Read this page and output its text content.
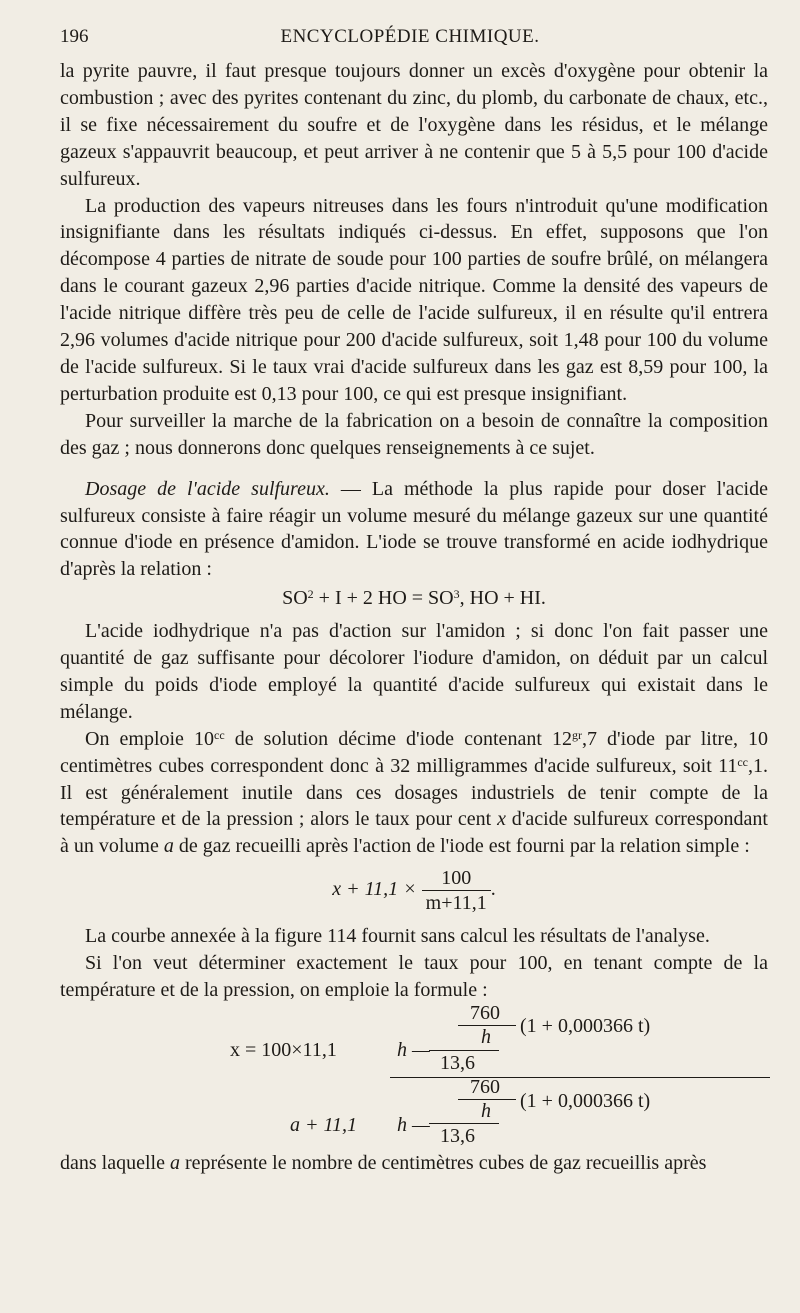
196	ENCYCLOPÉDIE CHIMIQUE.

la pyrite pauvre, il faut presque toujours donner un excès d'oxygène pour obtenir la combustion ; avec des pyrites contenant du zinc, du plomb, du carbonate de chaux, etc., il se fixe nécessairement du soufre et de l'oxygène dans les résidus, et le mélange gazeux s'appauvrit beaucoup, et peut arriver à ne contenir que 5 à 5,5 pour 100 d'acide sulfureux.

La production des vapeurs nitreuses dans les fours n'introduit qu'une modification insignifiante dans les résultats indiqués ci-dessus. En effet, supposons que l'on décompose 4 parties de nitrate de soude pour 100 parties de soufre brûlé, on mélangera dans le courant gazeux 2,96 parties d'acide nitrique. Comme la densité des vapeurs de l'acide nitrique diffère très peu de celle de l'acide sulfureux, il en résulte qu'il entrera 2,96 volumes d'acide nitrique pour 200 d'acide sulfureux, soit 1,48 pour 100 du volume de l'acide sulfureux. Si le taux vrai d'acide sulfureux dans les gaz est 8,59 pour 100, la perturbation produite est 0,13 pour 100, ce qui est presque insignifiant.

Pour surveiller la marche de la fabrication on a besoin de connaître la composition des gaz ; nous donnerons donc quelques renseignements à ce sujet.

Dosage de l'acide sulfureux. — La méthode la plus rapide pour doser l'acide sulfureux consiste à faire réagir un volume mesuré du mélange gazeux sur une quantité connue d'iode en présence d'amidon. L'iode se trouve transformé en acide iodhydrique d'après la relation :

$SO^2 + I + 2$ HO = $SO^3$, HO + HI.

L'acide iodhydrique n'a pas d'action sur l'amidon ; si donc l'on fait passer une quantité de gaz suffisante pour décolorer l'iodure d'amidon, on déduit par un calcul simple du poids d'iode employé la quantité d'acide sulfureux qui existait dans le mélange.

On emploie $10^{cc}$ de solution décime d'iode contenant $12^{gr},7$ d'iode par litre, 10 centimètres cubes correspondent donc à 32 milligrammes d'acide sulfureux, soit $11^{cc},1$. Il est généralement inutile dans ces dosages industriels de tenir compte de la température et de la pression ; alors le taux pour cent x d'acide sulfureux correspondant à un volume a de gaz recueilli après l'action de l'iode est fourni par la relation simple :

$x + 11,1 \times \frac{100}{m+11,1}$ .

La courbe annexée à la figure 114 fournit sans calcul les résultats de l'analyse.

Si l'on veut déterminer exactement le taux pour 100, en tenant compte de la température et de la pression, on emploie la formule :

760
h (1 + 0,000366 t)
x = 100×11,1	h —
13,6
760
h (1 + 0,000366 t)
a + 11,1 h — 13,6

dans laquelle a représente le nombre de centimètres cubes de gaz recueillis après
